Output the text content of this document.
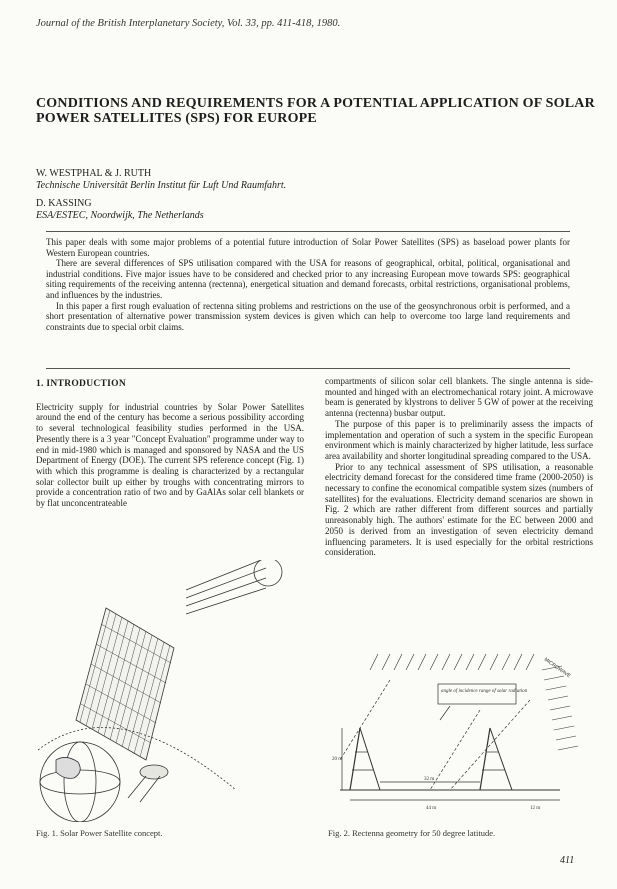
Journal of the British Interplanetary Society, Vol. 33, pp. 411-418, 1980.
CONDITIONS AND REQUIREMENTS FOR A POTENTIAL APPLICATION OF SOLAR POWER SATELLITES (SPS) FOR EUROPE
W. WESTPHAL & J. RUTH
Technische Universität Berlin Institut für Luft Und Raumfahrt.
D. KASSING
ESA/ESTEC, Noordwijk, The Netherlands

This paper deals with some major problems of a potential future introduction of Solar Power Satellites (SPS) as baseload power plants for Western European countries.

There are several differences of SPS utilisation compared with the USA for reasons of geographical, orbital, political, organisational and industrial conditions. Five major issues have to be considered and checked prior to any increasing European move towards SPS: geographical siting requirements of the receiving antenna (rectenna), energetical situation and demand forecasts, orbital restrictions, organisational problems, and influences by the industries.

In this paper a first rough evaluation of rectenna siting problems and restrictions on the use of the geosynchronous orbit is performed, and a short presentation of alternative power transmission system devices is given which can help to overcome too large land requirements and constraints due to special orbit claims.

1. INTRODUCTION

Electricity supply for industrial countries by Solar Power Satellites around the end of the century has become a serious possibility according to several technological feasibility studies performed in the USA. Presently there is a 3 year "Concept Evaluation" programme under way to end in mid-1980 which is managed and sponsored by NASA and the US Department of Energy (DOE). The current SPS reference concept (Fig. 1) with which this programme is dealing is characterized by a rectangular solar collector built up either by troughs with concentrating mirrors to provide a concentration ratio of two and by GaAlAs solar cell blankets or by flat unconcentrateable

compartments of silicon solar cell blankets. The single antenna is side-mounted and hinged with an electromechanical rotary joint. A microwave beam is generated by klystrons to deliver 5 GW of power at the receiving antenna (rectenna) busbar output.

The purpose of this paper is to preliminarily assess the impacts of implementation and operation of such a system in the specific European environment which is mainly characterized by higher latitude, less surface area availability and shorter longitudinal spreading compared to the USA.

Prior to any technical assessment of SPS utilisation, a reasonable electricity demand forecast for the considered time frame (2000-2050) is necessary to confine the economical compatible system sizes (numbers of satellites) for the evaluations. Electricity demand scenarios are shown in Fig. 2 which are rather different from different sources and partially unreasonably high. The authors' estimate for the EC between 2000 and 2050 is derived from an investigation of seven electricity demand influencing parameters. It is used especially for the orbital restrictions consideration.

Fig. 1. Solar Power Satellite concept.
angle of incidence range of solar radiation
MICROWAVE
20 m
32 m
44 m	12 m
Fig. 2. Rectenna geometry for 50 degree latitude.
411
